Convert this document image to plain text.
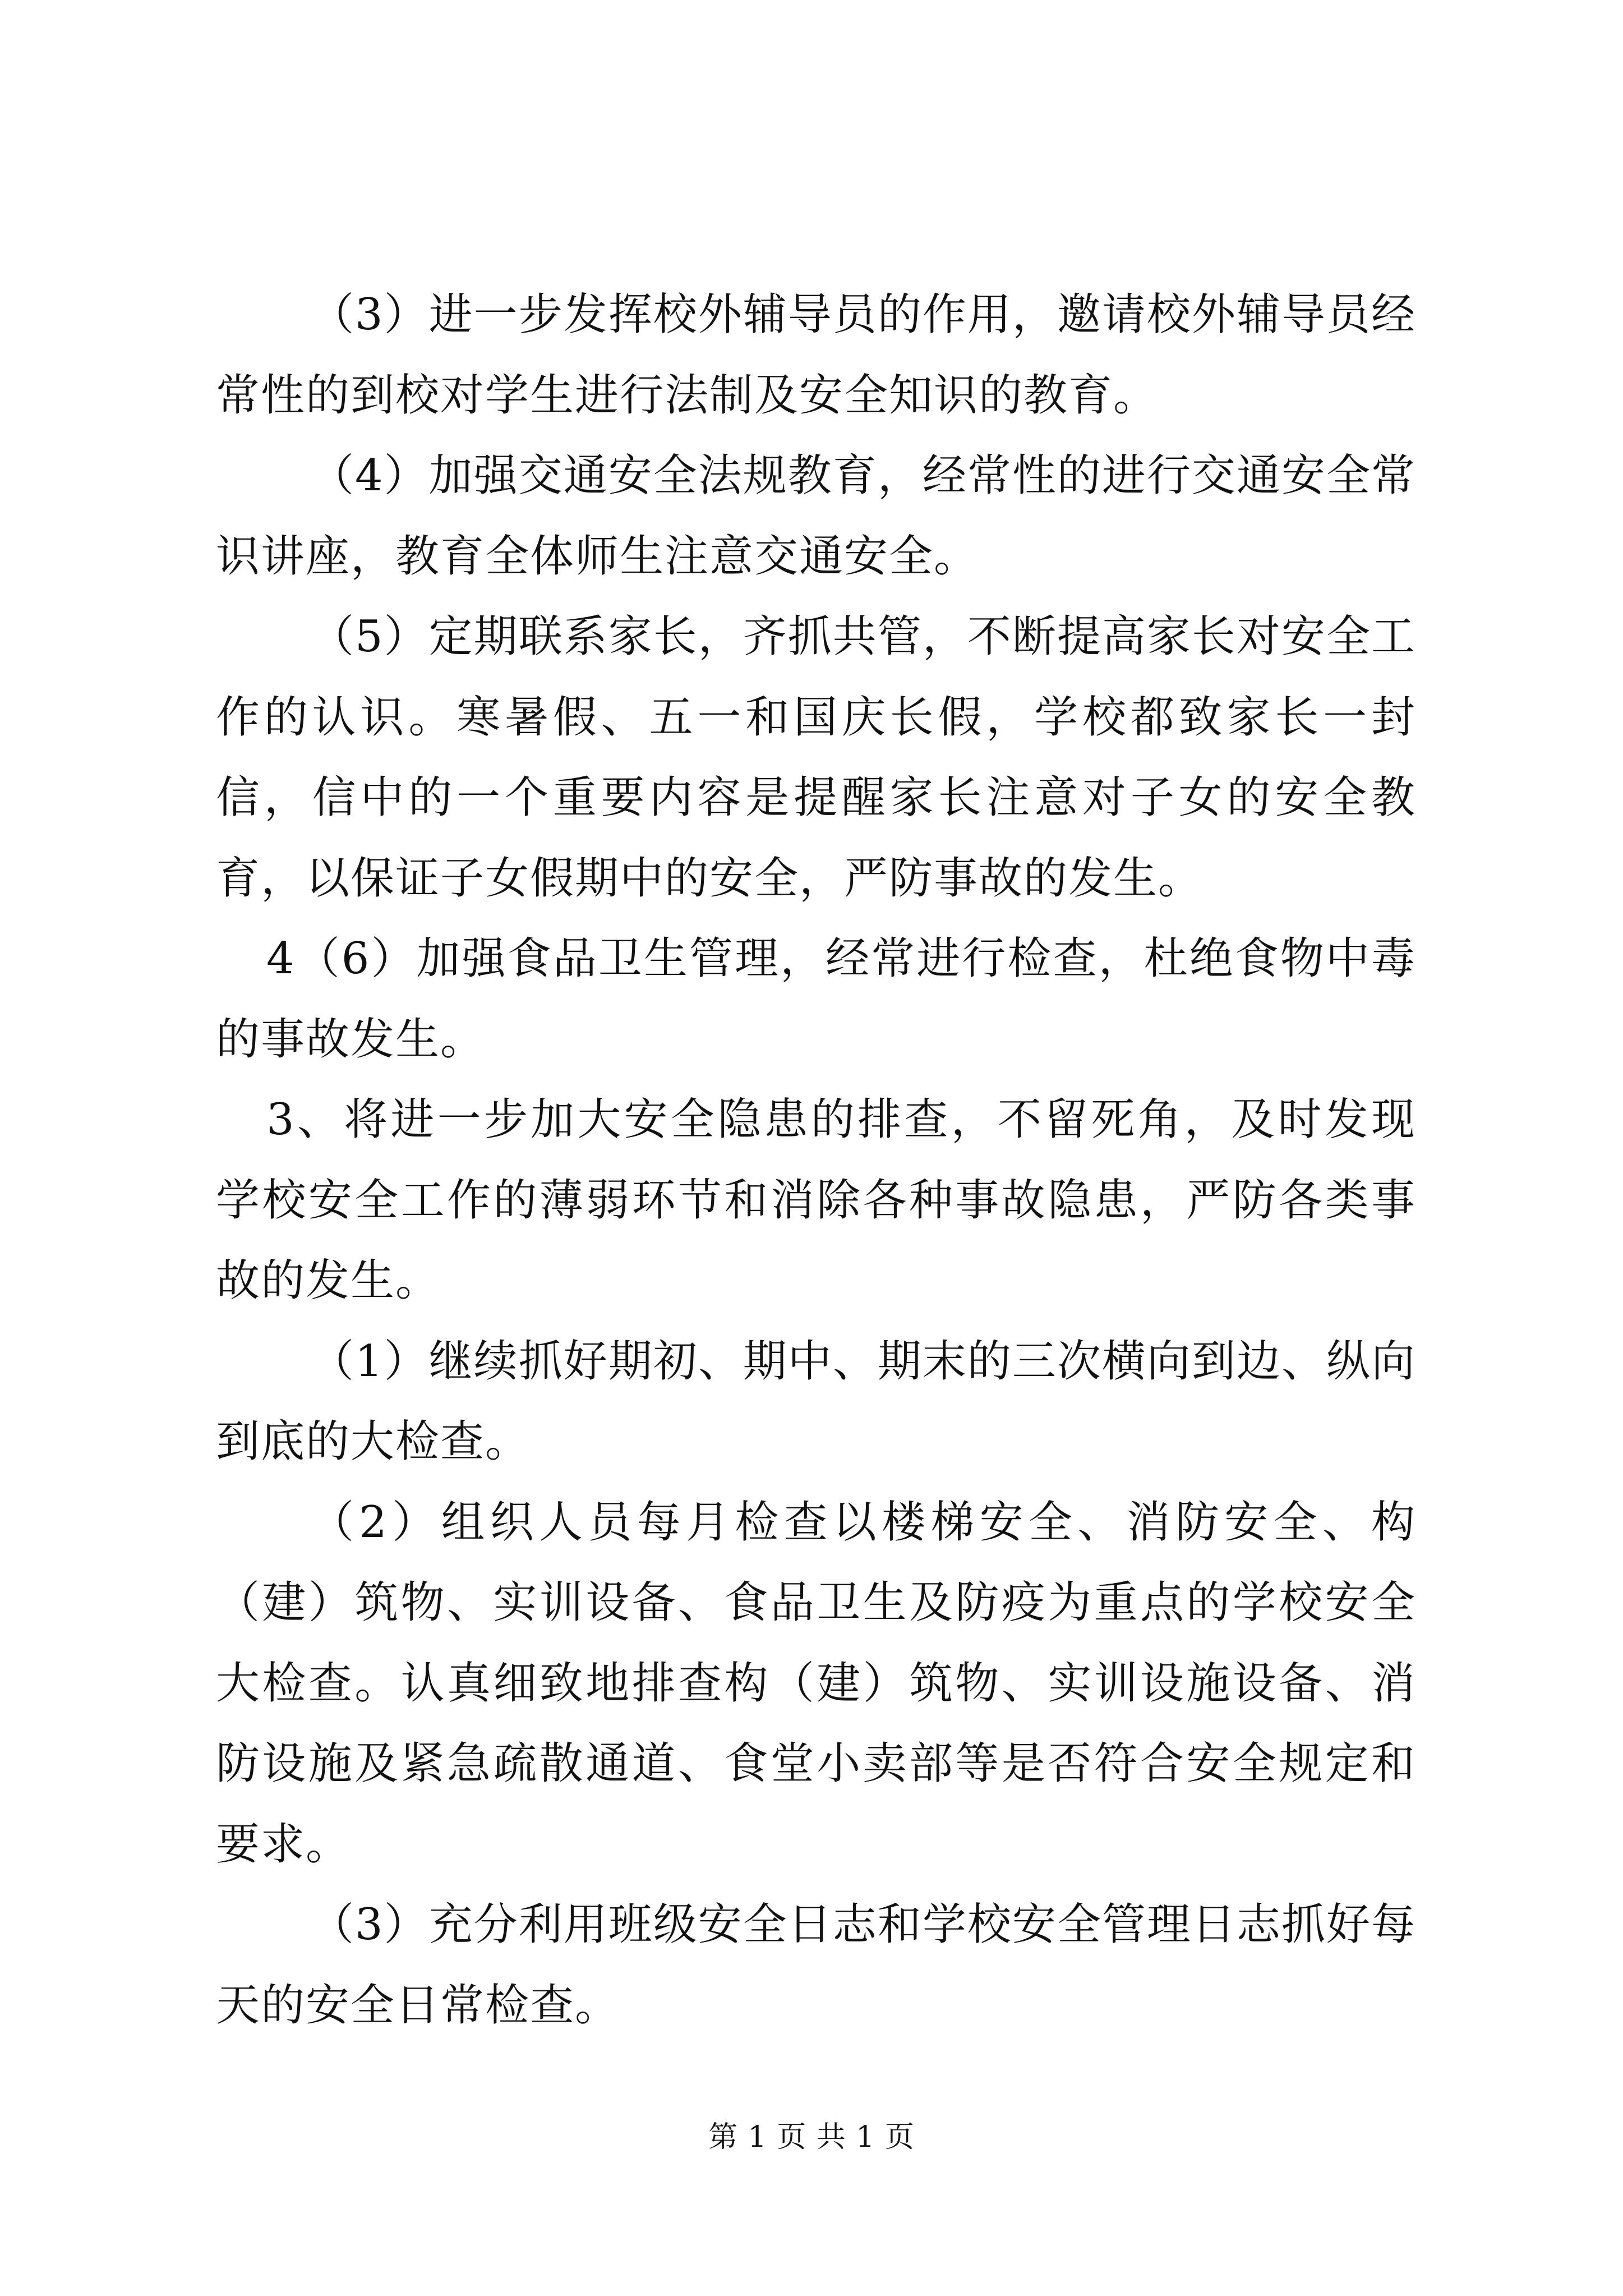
（3）进一步发挥校外辅导员的作用，邀请校外辅导员经常性的到校对学生进行法制及安全知识的教育。

（4）加强交通安全法规教育，经常性的进行交通安全常识讲座，教育全体师生注意交通安全。

（5）定期联系家长，齐抓共管，不断提高家长对安全工作的认识。寒暑假、五一和国庆长假，学校都致家长一封信，信中的一个重要内容是提醒家长注意对子女的安全教育，以保证子女假期中的安全，严防事故的发生。

4（6）加强食品卫生管理，经常进行检查，杜绝食物中毒的事故发生。

3、将进一步加大安全隐患的排查，不留死角，及时发现学校安全工作的薄弱环节和消除各种事故隐患，严防各类事故的发生。

（1）继续抓好期初、期中、期末的三次横向到边、纵向到底的大检查。

（2）组织人员每月检查以楼梯安全、消防安全、构（建）筑物、实训设备、食品卫生及防疫为重点的学校安全大检查。认真细致地排查构（建）筑物、实训设施设备、消防设施及紧急疏散通道、食堂小卖部等是否符合安全规定和要求。

（3）充分利用班级安全日志和学校安全管理日志抓好每天的安全日常检查。

第 1 页 共 1 页
